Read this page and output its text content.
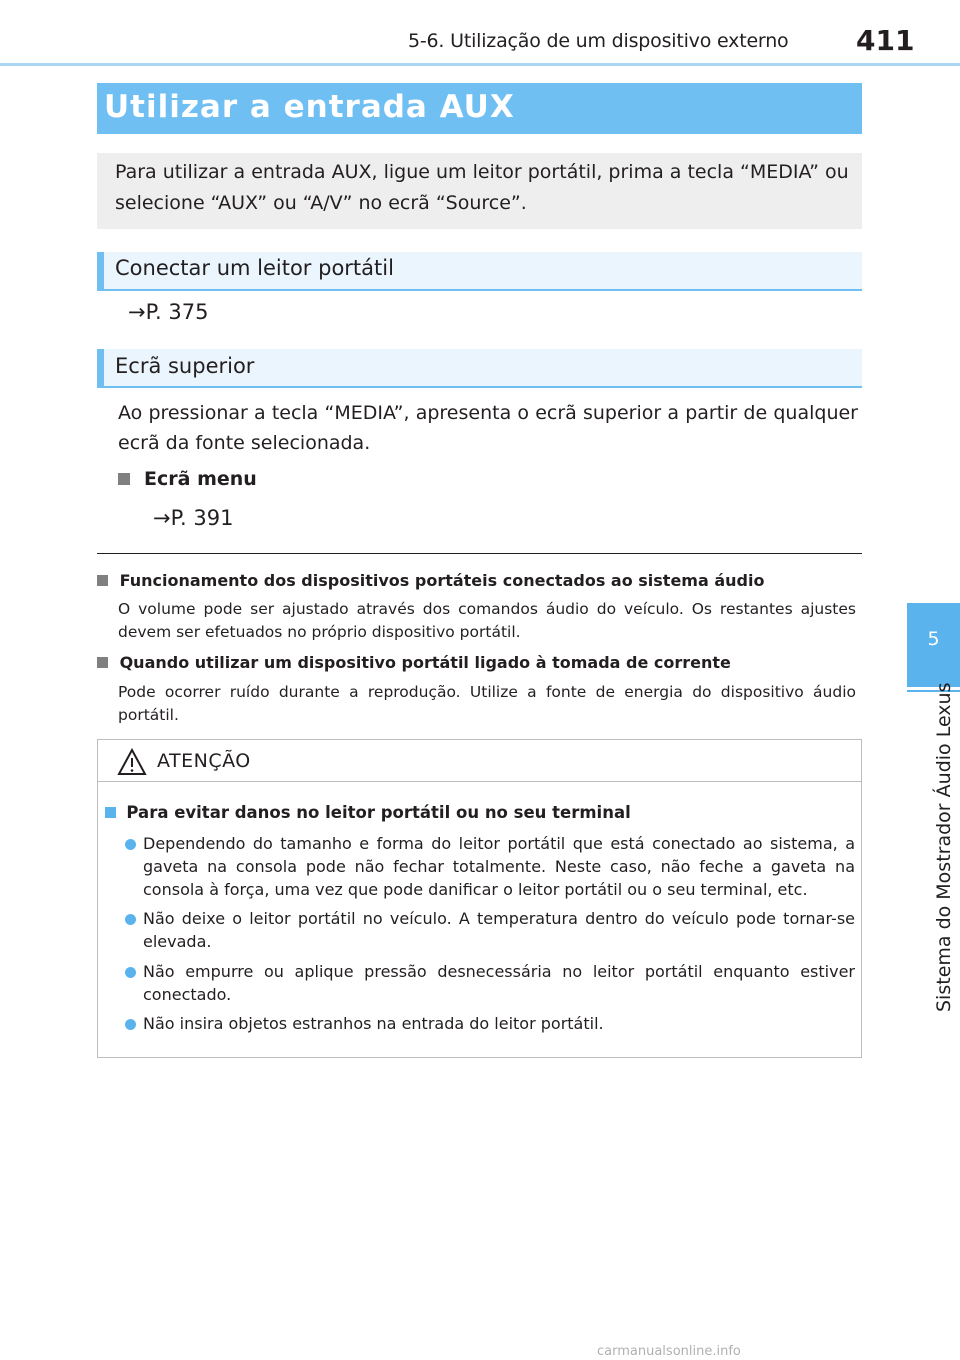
5-6. Utilização de um dispositivo externo 411
5
Sistema do Mostrador Áudio Lexus
Utilizar a entrada AUX
Para utilizar a entrada AUX, ligue um leitor portátil, prima a tecla “MEDIA” ou selecione “AUX” ou “A/V” no ecrã “Source”.
Conectar um leitor portátil
→P. 375
Ecrã superior
Ao pressionar a tecla “MEDIA”, apresenta o ecrã superior a partir de qualquer ecrã da fonte selecionada.
Ecrã menu
→P. 391
Funcionamento dos dispositivos portáteis conectados ao sistema áudio
O volume pode ser ajustado através dos comandos áudio do veículo. Os restantes ajustes devem ser efetuados no próprio dispositivo portátil.
Quando utilizar um dispositivo portátil ligado à tomada de corrente
Pode ocorrer ruído durante a reprodução. Utilize a fonte de energia do dispositivo áudio portátil.
ATENÇÃO
Para evitar danos no leitor portátil ou no seu terminal
Dependendo do tamanho e forma do leitor portátil que está conectado ao sistema, a gaveta na consola pode não fechar totalmente. Neste caso, não feche a gaveta na consola à força, uma vez que pode danificar o leitor portátil ou o seu terminal, etc.
Não deixe o leitor portátil no veículo. A temperatura dentro do veículo pode tornar-se elevada.
Não empurre ou aplique pressão desnecessária no leitor portátil enquanto estiver conectado.
Não insira objetos estranhos na entrada do leitor portátil.
carmanualsonline.info
